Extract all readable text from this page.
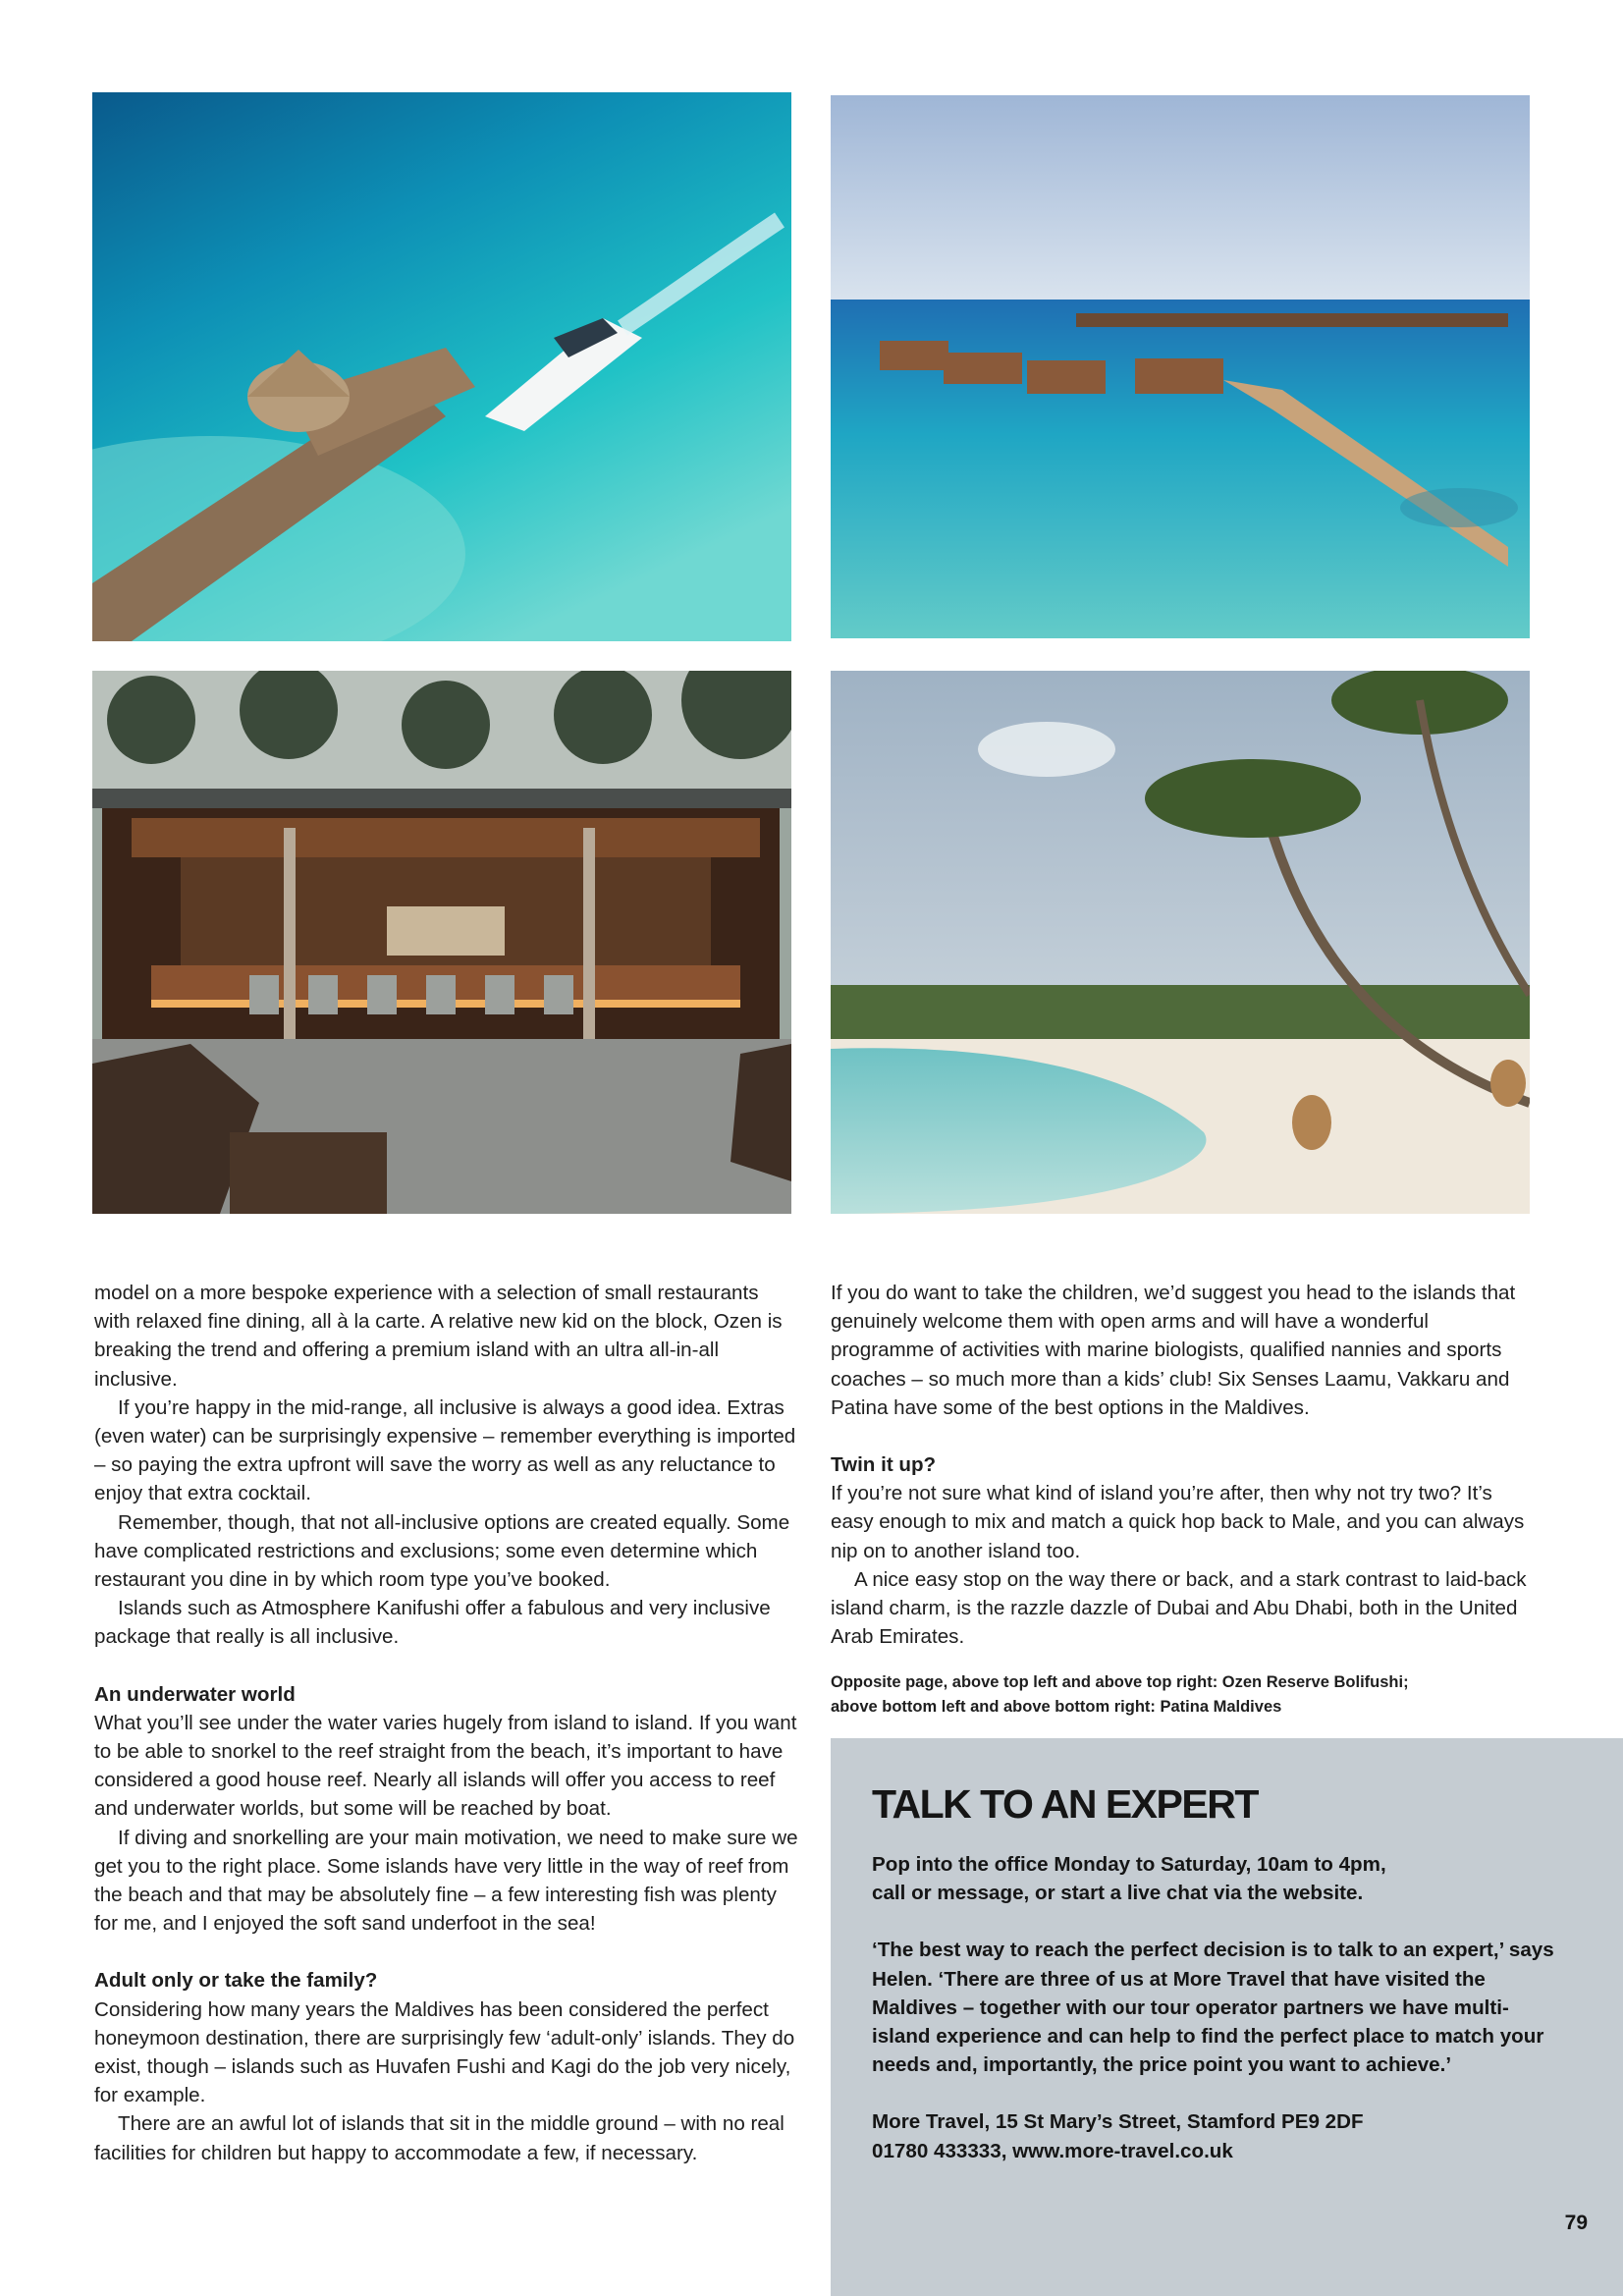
model on a more bespoke experience with a selection of small restaurants with relaxed fine dining, all à la carte. A relative new kid on the block, Ozen is breaking the trend and offering a premium island with an ultra all-in-all inclusive.

If you’re happy in the mid-range, all inclusive is always a good idea. Extras (even water) can be surprisingly expensive – remember everything is imported – so paying the extra upfront will save the worry as well as any reluctance to enjoy that extra cocktail.

Remember, though, that not all-inclusive options are created equally. Some have complicated restrictions and exclusions; some even determine which restaurant you dine in by which room type you’ve booked.

Islands such as Atmosphere Kanifushi offer a fabulous and very inclusive package that really is all inclusive.

An underwater world

What you’ll see under the water varies hugely from island to island. If you want to be able to snorkel to the reef straight from the beach, it’s important to have considered a good house reef. Nearly all islands will offer you access to reef and underwater worlds, but some will be reached by boat.

If diving and snorkelling are your main motivation, we need to make sure we get you to the right place. Some islands have very little in the way of reef from the beach and that may be absolutely fine – a few interesting fish was plenty for me, and I enjoyed the soft sand underfoot in the sea!

Adult only or take the family?

Considering how many years the Maldives has been considered the perfect honeymoon destination, there are surprisingly few ‘adult-only’ islands. They do exist, though – islands such as Huvafen Fushi and Kagi do the job very nicely, for example.

There are an awful lot of islands that sit in the middle ground – with no real facilities for children but happy to accommodate a few, if necessary.

If you do want to take the children, we’d suggest you head to the islands that genuinely welcome them with open arms and will have a wonderful programme of activities with marine biologists, qualified nannies and sports coaches – so much more than a kids’ club! Six Senses Laamu, Vakkaru and Patina have some of the best options in the Maldives.

Twin it up?

If you’re not sure what kind of island you’re after, then why not try two? It’s easy enough to mix and match a quick hop back to Male, and you can always nip on to another island too.

A nice easy stop on the way there or back, and a stark contrast to laid-back island charm, is the razzle dazzle of Dubai and Abu Dhabi, both in the United Arab Emirates.

Opposite page, above top left and above top right: Ozen Reserve Bolifushi;
above bottom left and above bottom right: Patina Maldives

TALK TO AN EXPERT

Pop into the office Monday to Saturday, 10am to 4pm,
call or message, or start a live chat via the website.

‘The best way to reach the perfect decision is to talk to an expert,’ says Helen. ‘There are three of us at More Travel that have visited the Maldives – together with our tour operator partners we have multi-island experience and can help to find the perfect place to match your needs and, importantly, the price point you want to achieve.’

More Travel, 15 St Mary’s Street, Stamford PE9 2DF
01780 433333, www.more-travel.co.uk

79
